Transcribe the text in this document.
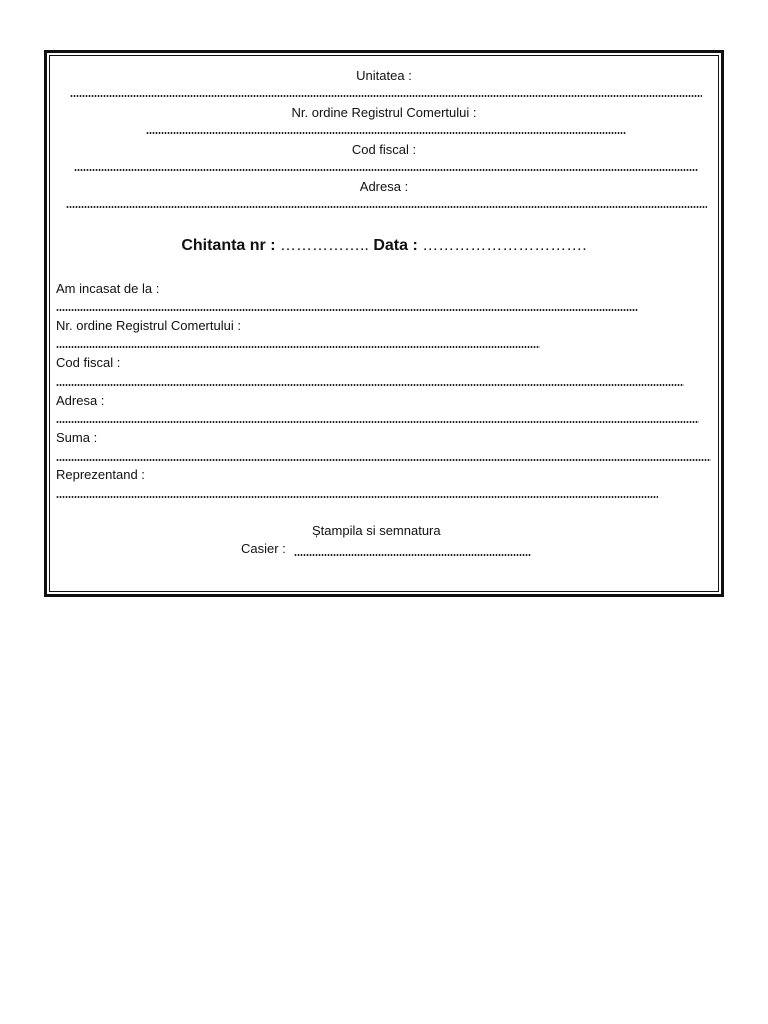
Unitatea :
Nr. ordine Registrul Comertului :
Cod fiscal :
Adresa :
Chitanta nr : …………….. Data : ………………………….
Am incasat de la :
Nr. ordine Registrul Comertului :
Cod fiscal :
Adresa :
Suma :
Reprezentand :
Ștampila si semnatura
Casier :
